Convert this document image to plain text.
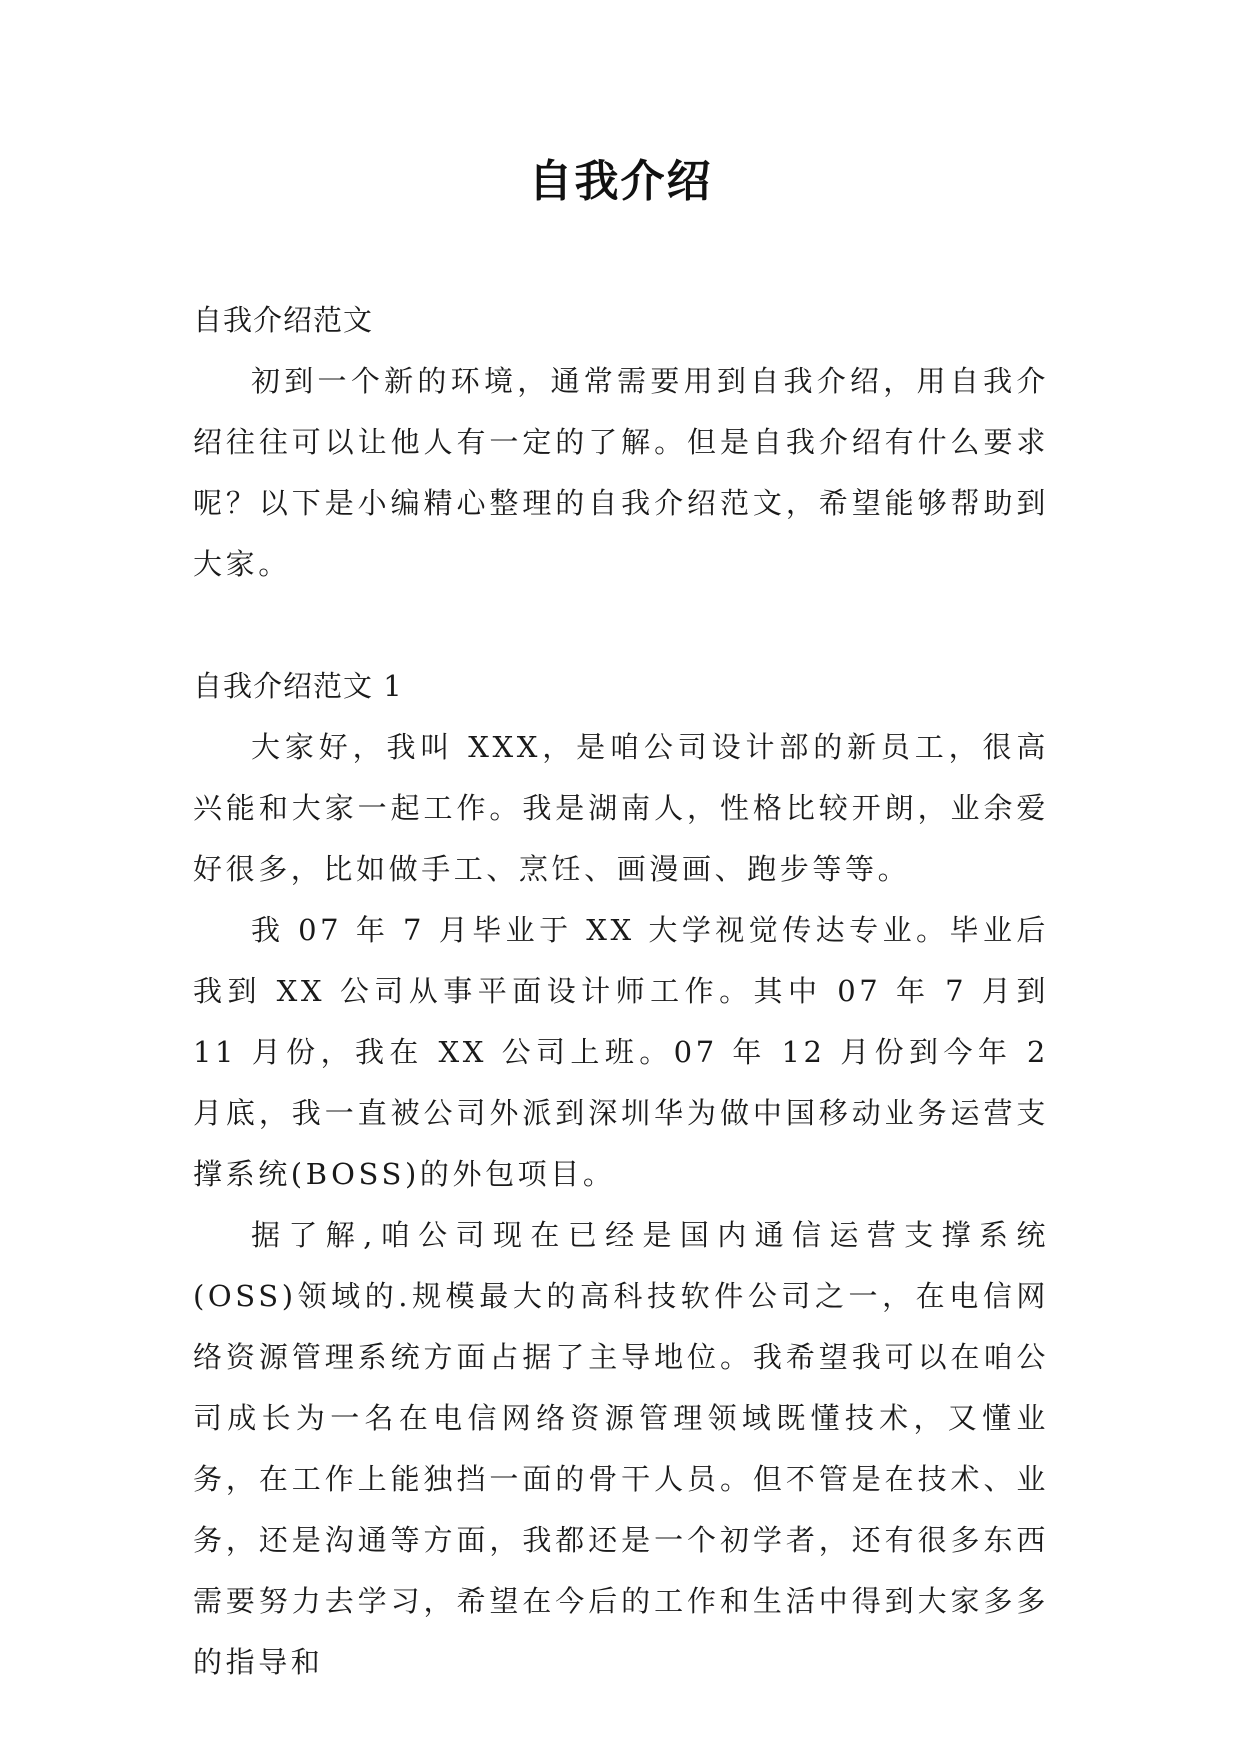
自我介绍

自我介绍范文

初到一个新的环境，通常需要用到自我介绍，用自我介绍往往可以让他人有一定的了解。但是自我介绍有什么要求呢？以下是小编精心整理的自我介绍范文，希望能够帮助到大家。

自我介绍范文 1

大家好，我叫 XXX，是咱公司设计部的新员工，很高兴能和大家一起工作。我是湖南人，性格比较开朗，业余爱好很多，比如做手工、烹饪、画漫画、跑步等等。

我 07 年 7 月毕业于 XX 大学视觉传达专业。毕业后我到 XX 公司从事平面设计师工作。其中 07 年 7 月到 11 月份，我在 XX 公司上班。07 年 12 月份到今年 2 月底，我一直被公司外派到深圳华为做中国移动业务运营支撑系统(BOSS)的外包项目。

据了解,咱公司现在已经是国内通信运营支撑系统(OSS)领域的.规模最大的高科技软件公司之一，在电信网络资源管理系统方面占据了主导地位。我希望我可以在咱公司成长为一名在电信网络资源管理领域既懂技术，又懂业务，在工作上能独挡一面的骨干人员。但不管是在技术、业务，还是沟通等方面，我都还是一个初学者，还有很多东西需要努力去学习，希望在今后的工作和生活中得到大家多多的指导和
